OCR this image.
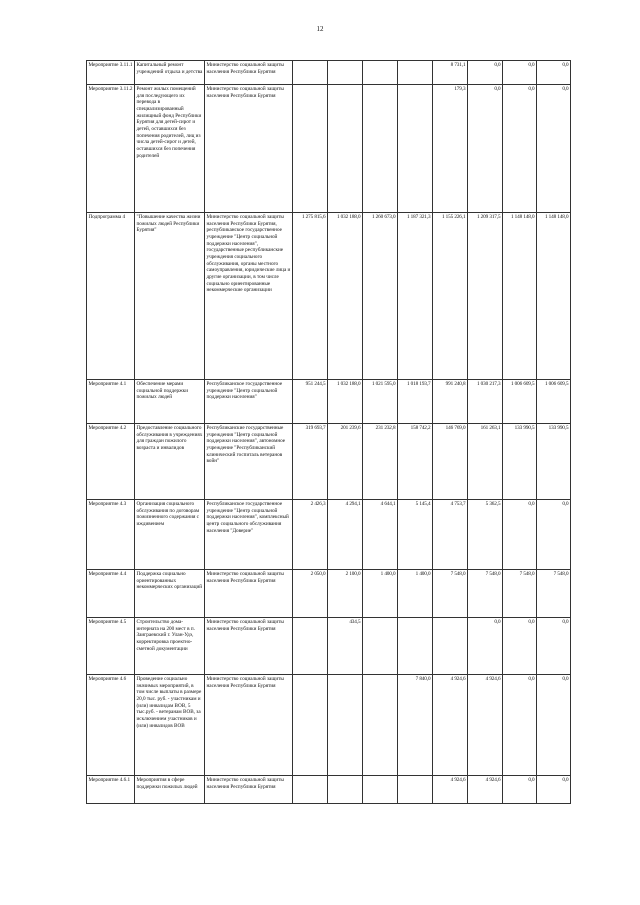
12
Мероприятие 3.11.1	Капитальный ремонт учреждений отдыха и детства	Министерство социальной защиты населения Республики Бурятия					8 731,1	0,0	0,0	0,0
Мероприятие 3.11.2	Ремонт жилых помещений для последующего их перевода в специализированный жилищный фонд Республики Бурятия для детей-сирот и детей, оставшихся без попечения родителей, лиц из числа детей-сирот и детей, оставшихся без попечения родителей	Министерство социальной защиты населения Республики Бурятия					179,3	0,0	0,0	0,0
Подпрограмма 4	"Повышение качества жизни пожилых людей Республики Бурятия"	Министерство социальной защиты населения Республики Бурятия, республиканское государственное учреждение "Центр социальной поддержки населения", государственные республиканские учреждения социального обслуживания, органы местного самоуправления, юридические лица и другие организации, в том числе социально ориентированные некоммерческие организации	1 275 815,6	1 032 188,0	1 260 673,0	1 187 321,3	1 155 226,1	1 209 317,5	1 148 148,0	1 148 148,0
Мероприятие 4.1	Обеспечение мерами социальной поддержки пожилых людей	Республиканское государственное учреждение "Центр социальной поддержки населения"	951 244,5	1 032 188,0	1 021 595,0	1 018 193,7	991 240,8	1 030 217,3	1 006 609,5	1 006 609,5
Мероприятие 4.2	Предоставление социального обслуживания в учреждениях для граждан пожилого возраста и инвалидов	Республиканские государственные учреждения "Центр социальной поддержки населения", автономное учреждение "Республиканский клинический госпиталь ветеранов войн"	319 693,7	201 239,6	231 232,8	158 742,2	146 769,0	161 263,1	133 990,5	133 990,5
Мероприятие 4.3	Организация социального обслуживания по договорам пожизненного содержания с иждивением	Республиканское государственное учреждение "Центр социальной поддержки населения", комплексный центр социального обслуживания населения "Доверие"	2 426,3	4 294,1	4 644,1	5 145,4	4 753,7	5 362,5	0,0	0,0
Мероприятие 4.4	Поддержка социально ориентированных некоммерческих организаций	Министерство социальной защиты населения Республики Бурятия	2 050,0	2 100,0	1 400,0	1 400,0	7 548,0	7 548,0	7 548,0	7 548,0
Мероприятие 4.5	Строительство дома-интерната на 200 мест в п. Заиграевский г. Улан-Удэ, корректировка проектно-сметной документации	Министерство социальной защиты населения Республики Бурятия		434,5				0,0	0,0	0,0
Мероприятие 4.6	Проведение социально значимых мероприятий, в том числе выплаты в размере 20,0 тыс. руб. - участникам и (или) инвалидам ВОВ, 5 тыс.руб. - ветеранам ВОВ, за исключением участников и (или) инвалидов ВОВ	Министерство социальной защиты населения Республики Бурятия				7 840,0	4 924,6	4 924,6	0,0	0,0
Мероприятие 4.6.1	Мероприятия в сфере поддержки пожилых людей	Министерство социальной защиты населения Республики Бурятия					4 924,6	4 924,6	0,0	0,0
